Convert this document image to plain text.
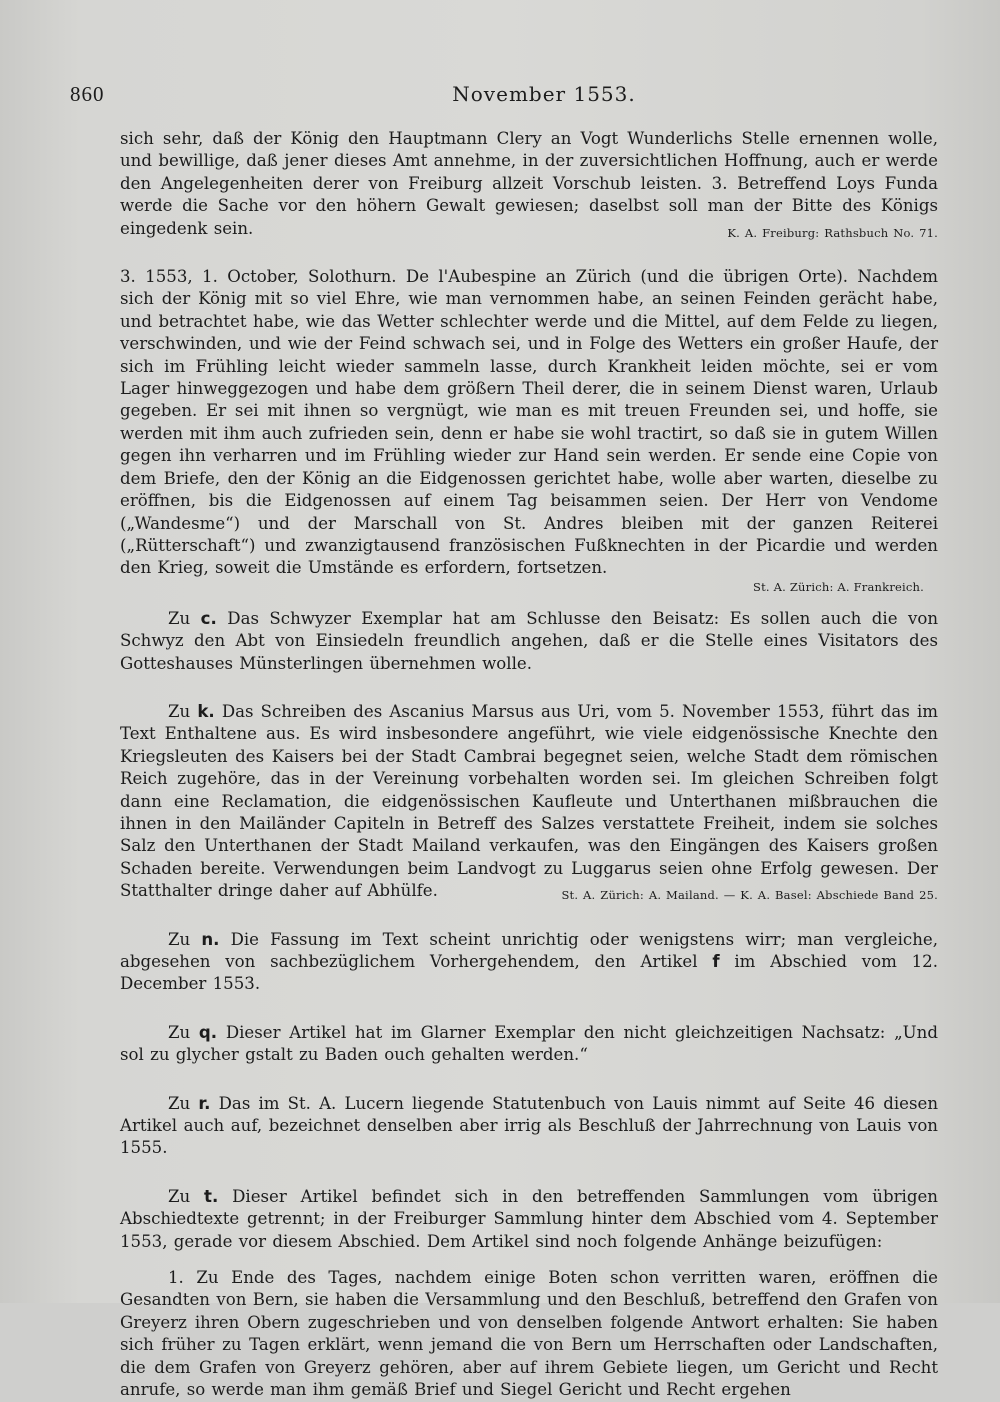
860	November 1553.

sich sehr, daß der König den Hauptmann Clery an Vogt Wunderlichs Stelle ernennen wolle, und bewillige, daß jener dieses Amt annehme, in der zuversichtlichen Hoffnung, auch er werde den Angelegenheiten derer von Freiburg allzeit Vorschub leisten. 3. Betreffend Loys Funda werde die Sache vor den höhern Gewalt gewiesen; daselbst soll man der Bitte des Königs eingedenk sein.	K. A. Freiburg: Rathsbuch No. 71.

3. 1553, 1. October, Solothurn. De l'Aubespine an Zürich (und die übrigen Orte). Nachdem sich der König mit so viel Ehre, wie man vernommen habe, an seinen Feinden gerächt habe, und betrachtet habe, wie das Wetter schlechter werde und die Mittel, auf dem Felde zu liegen, verschwinden, und wie der Feind schwach sei, und in Folge des Wetters ein großer Haufe, der sich im Frühling leicht wieder sammeln lasse, durch Krankheit leiden möchte, sei er vom Lager hinweggezogen und habe dem größern Theil derer, die in seinem Dienst waren, Urlaub gegeben. Er sei mit ihnen so vergnügt, wie man es mit treuen Freunden sei, und hoffe, sie werden mit ihm auch zufrieden sein, denn er habe sie wohl tractirt, so daß sie in gutem Willen gegen ihn verharren und im Frühling wieder zur Hand sein werden. Er sende eine Copie von dem Briefe, den der König an die Eidgenossen gerichtet habe, wolle aber warten, dieselbe zu eröffnen, bis die Eidgenossen auf einem Tag beisammen seien. Der Herr von Vendome („Wandesme“) und der Marschall von St. Andres bleiben mit der ganzen Reiterei („Rütterschaft“) und zwanzigtausend französischen Fußknechten in der Picardie und werden den Krieg, soweit die Umstände es erfordern, fortsetzen.

St. A. Zürich: A. Frankreich.

Zu c. Das Schwyzer Exemplar hat am Schlusse den Beisatz: Es sollen auch die von Schwyz den Abt von Einsiedeln freundlich angehen, daß er die Stelle eines Visitators des Gotteshauses Münsterlingen übernehmen wolle.

Zu k. Das Schreiben des Ascanius Marsus aus Uri, vom 5. November 1553, führt das im Text Enthaltene aus. Es wird insbesondere angeführt, wie viele eidgenössische Knechte den Kriegsleuten des Kaisers bei der Stadt Cambrai begegnet seien, welche Stadt dem römischen Reich zugehöre, das in der Vereinung vorbehalten worden sei. Im gleichen Schreiben folgt dann eine Reclamation, die eidgenössischen Kaufleute und Unterthanen mißbrauchen die ihnen in den Mailänder Capiteln in Betreff des Salzes verstattete Freiheit, indem sie solches Salz den Unterthanen der Stadt Mailand verkaufen, was den Eingängen des Kaisers großen Schaden bereite. Verwendungen beim Landvogt zu Luggarus seien ohne Erfolg gewesen. Der Statthalter dringe daher auf Abhülfe.	St. A. Zürich: A. Mailand. — K. A. Basel: Abschiede Band 25.

Zu n. Die Fassung im Text scheint unrichtig oder wenigstens wirr; man vergleiche, abgesehen von sachbezüglichem Vorhergehendem, den Artikel f im Abschied vom 12. December 1553.

Zu q. Dieser Artikel hat im Glarner Exemplar den nicht gleichzeitigen Nachsatz: „Und sol zu glycher gstalt zu Baden ouch gehalten werden.“

Zu r. Das im St. A. Lucern liegende Statutenbuch von Lauis nimmt auf Seite 46 diesen Artikel auch auf, bezeichnet denselben aber irrig als Beschluß der Jahrrechnung von Lauis von 1555.

Zu t. Dieser Artikel befindet sich in den betreffenden Sammlungen vom übrigen Abschiedtexte getrennt; in der Freiburger Sammlung hinter dem Abschied vom 4. September 1553, gerade vor diesem Abschied. Dem Artikel sind noch folgende Anhänge beizufügen:

1. Zu Ende des Tages, nachdem einige Boten schon verritten waren, eröffnen die Gesandten von Bern, sie haben die Versammlung und den Beschluß, betreffend den Grafen von Greyerz ihren Obern zugeschrieben und von denselben folgende Antwort erhalten: Sie haben sich früher zu Tagen erklärt, wenn jemand die von Bern um Herrschaften oder Landschaften, die dem Grafen von Greyerz gehören, aber auf ihrem Gebiete liegen, um Gericht und Recht anrufe, so werde man ihm gemäß Brief und Siegel Gericht und Recht ergehen
